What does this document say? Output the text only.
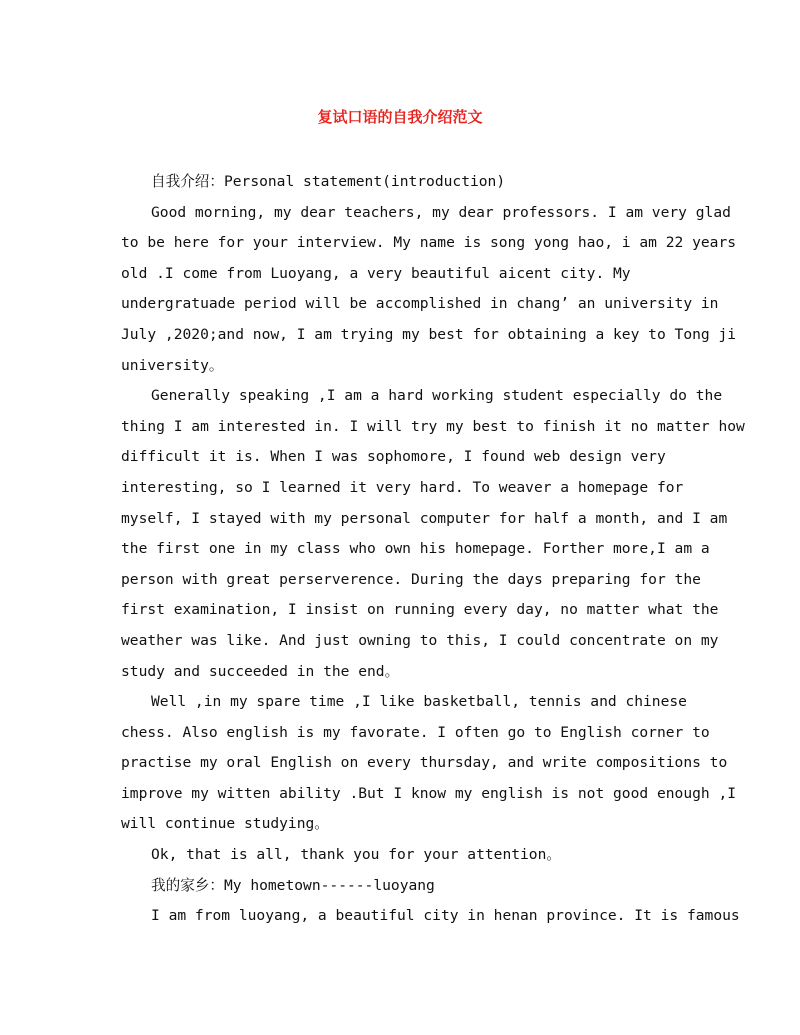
复试口语的自我介绍范文
自我介绍：Personal statement(introduction)
Good morning, my dear teachers, my dear professors. I am very glad
to be here for your interview. My name is song yong hao, i am 22 years
old .I come from Luoyang, a very beautiful aicent city. My
undergratuade period will be accomplished in chang’ an university in
July ,2020;and now, I am trying my best for obtaining a key to Tong ji
university。
Generally speaking ,I am a hard working student especially do the
thing I am interested in. I will try my best to finish it no matter how
difficult it is. When I was sophomore, I found web design very
interesting, so I learned it very hard. To weaver a homepage for
myself, I stayed with my personal computer for half a month, and I am
the first one in my class who own his homepage. Forther more,I am a
person with great perserverence. During the days preparing for the
first examination, I insist on running every day, no matter what the
weather was like. And just owning to this, I could concentrate on my
study and succeeded in the end。
Well ,in my spare time ,I like basketball, tennis and chinese
chess. Also english is my favorate. I often go to English corner to
practise my oral English on every thursday, and write compositions to
improve my witten ability .But I know my english is not good enough ,I
will continue studying。
Ok, that is all, thank you for your attention。
我的家乡：My hometown------luoyang
I am from luoyang, a beautiful city in henan province. It is famous
